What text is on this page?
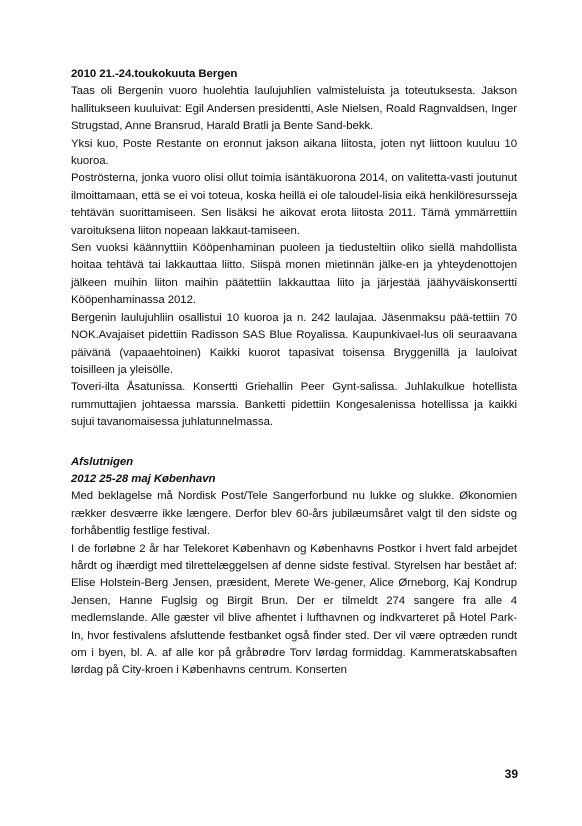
2010 21.-24.toukokuuta Bergen

Taas oli Bergenin vuoro huolehtia laulujuhlien valmisteluista ja toteutuksesta. Jakson hallitukseen kuuluivat: Egil Andersen presidentti, Asle Nielsen, Roald Ragnvaldsen, Inger Strugstad, Anne Bransrud, Harald Bratli ja Bente Sand-bekk.

Yksi kuo, Poste Restante on eronnut jakson aikana liitosta, joten nyt liittoon kuuluu 10 kuoroa.

Poströsterna, jonka vuoro olisi ollut toimia isäntäkuorona 2014, on valitetta-vasti joutunut ilmoittamaan, että se ei voi toteua, koska heillä ei ole taloudel-lisia eikä henkilöresursseja tehtävän suorittamiseen. Sen lisäksi he aikovat erota liitosta 2011. Tämä ymmärrettiin varoituksena liiton nopeaan lakkaut-tamiseen.

Sen vuoksi käännyttiin Kööpenhaminan puoleen ja tiedusteltiin oliko siellä mahdollista hoitaa tehtävä tai lakkauttaa liitto. Siispä monen mietinnän jälke-en ja yhteydenottojen jälkeen muihin liiton maihin päätettiin lakkauttaa liito ja järjestää jäähyväiskonsertti Kööpenhaminassa 2012.

Bergenin laulujuhliin osallistui 10 kuoroa ja n. 242 laulajaa. Jäsenmaksu pää-tettiin 70 NOK.Avajaiset pidettiin Radisson SAS Blue Royalissa. Kaupunkivael-lus oli seuraavana päivänä (vapaaehtoinen) Kaikki kuorot tapasivat toisensa Bryggenillä ja lauloivat toisilleen ja yleisölle.

Toveri-ilta Åsatunissa. Konsertti Griehallin Peer Gynt-salissa. Juhlakulkue hotellista rummuttajien johtaessa marssia. Banketti pidettiin Kongesalenissa hotellissa ja kaikki sujui tavanomaisessa juhlatunnelmassa.

Afslutnigen

2012 25-28 maj København

Med beklagelse må Nordisk Post/Tele Sangerforbund nu lukke og slukke. Økonomien rækker desværre ikke længere. Derfor blev 60-års jubilæumsåret valgt til den sidste og forhåbentlig festlige festival.

I de forløbne 2 år har Telekoret København og Københavns Postkor i hvert fald arbejdet hårdt og ihærdigt med tilrettelæggelsen af denne sidste festival. Styrelsen har bestået af: Elise Holstein-Berg Jensen, præsident, Merete We-gener, Alice Ørneborg, Kaj Kondrup Jensen, Hanne Fuglsig og Birgit Brun. Der er tilmeldt 274 sangere fra alle 4 medlemslande. Alle gæster vil blive afhentet i lufthavnen og indkvarteret på Hotel Park-In, hvor festivalens afsluttende festbanket også finder sted. Der vil være optræden rundt om i byen, bl. A. af alle kor på gråbrødre Torv lørdag formiddag. Kammeratskabsaften lørdag på City-kroen i Københavns centrum. Konserten

39
